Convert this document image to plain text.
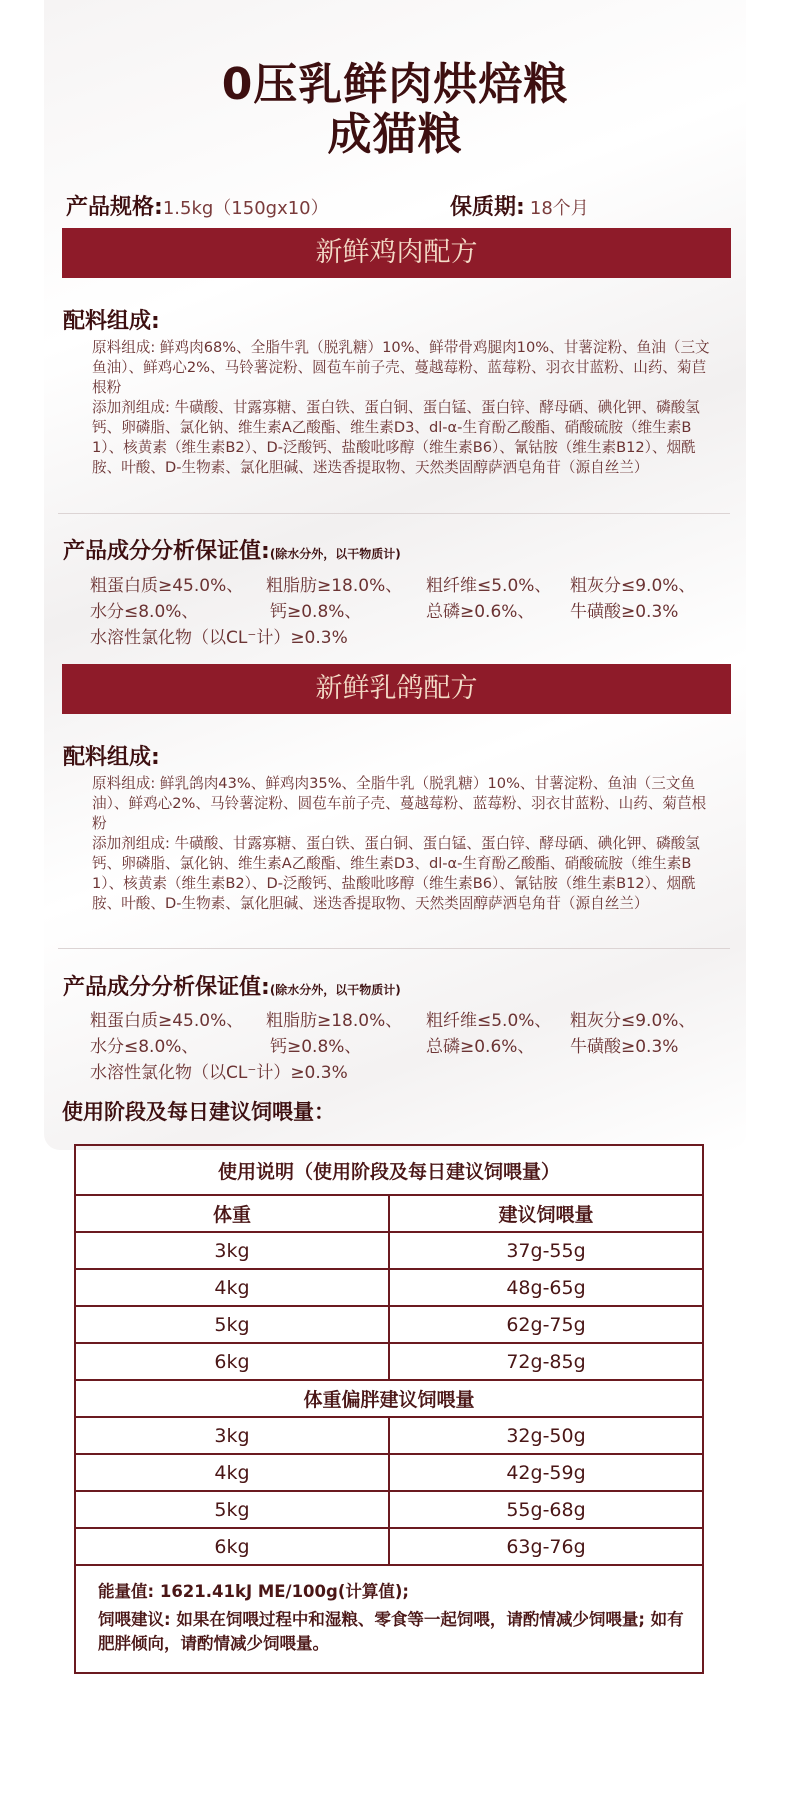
0压乳鲜肉烘焙粮
成猫粮
产品规格:1.5kg（150gx10）	保质期: 18个月
新鲜鸡肉配方
配料组成:
原料组成: 鲜鸡肉68%、全脂牛乳（脱乳糖）10%、鲜带骨鸡腿肉10%、甘薯淀粉、鱼油（三文鱼油）、鲜鸡心2%、马铃薯淀粉、圆苞车前子壳、蔓越莓粉、蓝莓粉、羽衣甘蓝粉、山药、菊苣根粉
添加剂组成: 牛磺酸、甘露寡糖、蛋白铁、蛋白铜、蛋白锰、蛋白锌、酵母硒、碘化钾、磷酸氢钙、卵磷脂、氯化钠、维生素A乙酸酯、维生素D3、dl-α-生育酚乙酸酯、硝酸硫胺（维生素B1）、核黄素（维生素B2）、D-泛酸钙、盐酸吡哆醇（维生素B6）、氰钴胺（维生素B12）、烟酰胺、叶酸、D-生物素、氯化胆碱、迷迭香提取物、天然类固醇萨洒皂角苷（源自丝兰）
产品成分分析保证值:(除水分外，以干物质计)
粗蛋白质≥45.0%、 粗脂肪≥18.0%、 粗纤维≤5.0%、 粗灰分≤9.0%、
水分≤8.0%、	钙≥0.8%、	总磷≥0.6%、 牛磺酸≥0.3%
水溶性氯化物（以CL⁻计）≥0.3%
新鲜乳鸽配方
配料组成:
原料组成: 鲜乳鸽肉43%、鲜鸡肉35%、全脂牛乳（脱乳糖）10%、甘薯淀粉、鱼油（三文鱼油）、鲜鸡心2%、马铃薯淀粉、圆苞车前子壳、蔓越莓粉、蓝莓粉、羽衣甘蓝粉、山药、菊苣根粉
添加剂组成: 牛磺酸、甘露寡糖、蛋白铁、蛋白铜、蛋白锰、蛋白锌、酵母硒、碘化钾、磷酸氢钙、卵磷脂、氯化钠、维生素A乙酸酯、维生素D3、dl-α-生育酚乙酸酯、硝酸硫胺（维生素B1）、核黄素（维生素B2）、D-泛酸钙、盐酸吡哆醇（维生素B6）、氰钴胺（维生素B12）、烟酰胺、叶酸、D-生物素、氯化胆碱、迷迭香提取物、天然类固醇萨洒皂角苷（源自丝兰）
产品成分分析保证值:(除水分外，以干物质计)
粗蛋白质≥45.0%、 粗脂肪≥18.0%、 粗纤维≤5.0%、 粗灰分≤9.0%、
水分≤8.0%、	钙≥0.8%、	总磷≥0.6%、 牛磺酸≥0.3%
水溶性氯化物（以CL⁻计）≥0.3%
使用阶段及每日建议饲喂量：
使用说明（使用阶段及每日建议饲喂量）
体重	建议饲喂量
3kg	37g-55g
4kg	48g-65g
5kg	62g-75g
6kg	72g-85g
体重偏胖建议饲喂量
3kg	32g-50g
4kg	42g-59g
5kg	55g-68g
6kg	63g-76g

能量值: 1621.41kJ ME/100g(计算值);

饲喂建议: 如果在饲喂过程中和湿粮、零食等一起饲喂，请酌情减少饲喂量; 如有肥胖倾向，请酌情减少饲喂量。
